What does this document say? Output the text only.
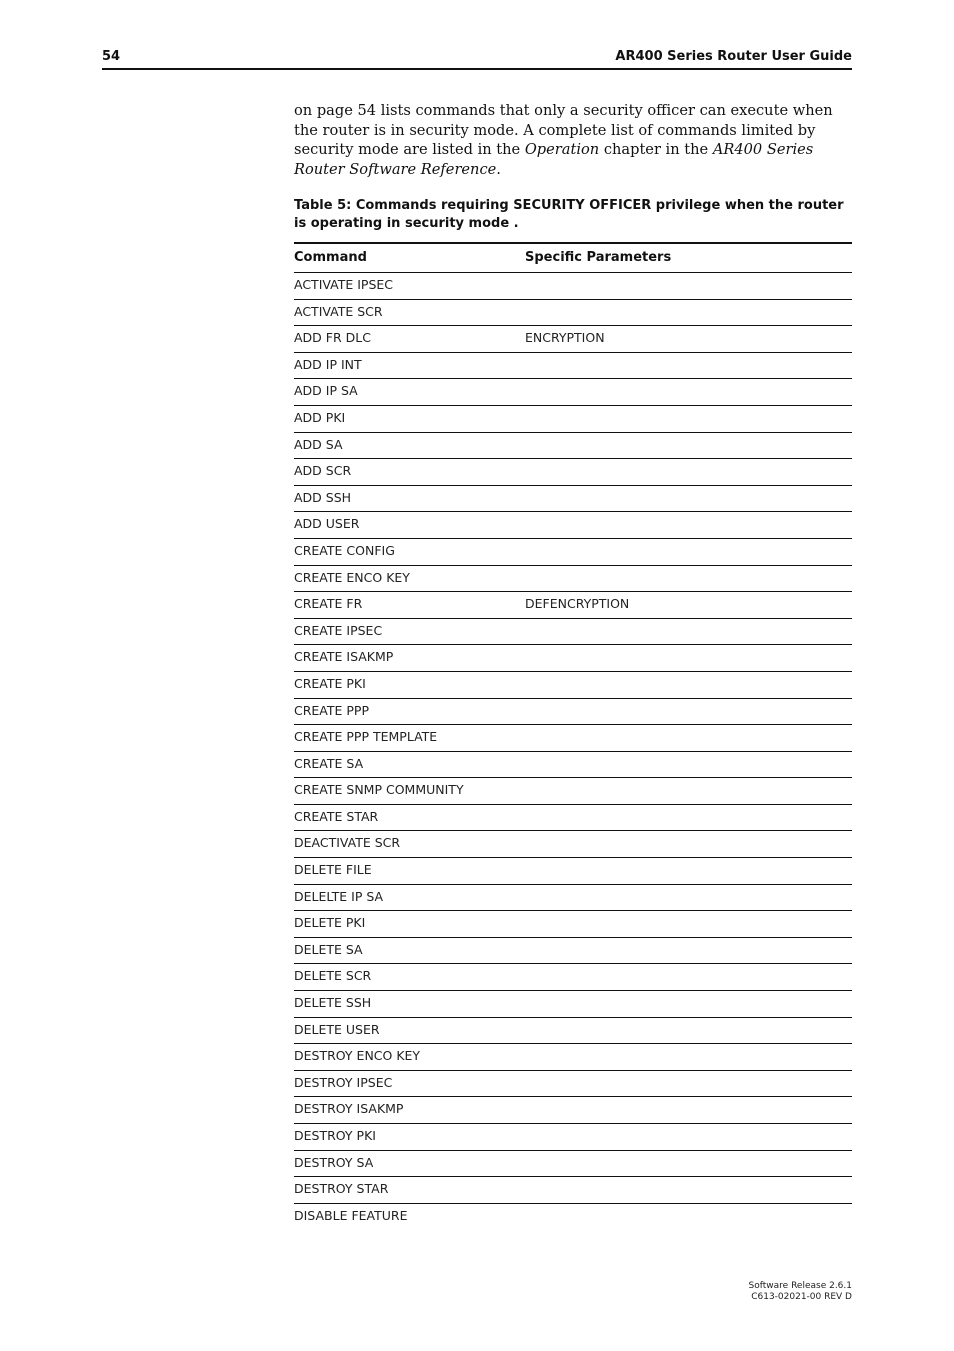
54	AR400 Series Router User Guide

on page 54 lists commands that only a security officer can execute when the router is in security mode. A complete list of commands limited by security mode are listed in the Operation chapter in the AR400 Series Router Software Reference.

Table 5: Commands requiring SECURITY OFFICER privilege when the router is operating in security mode .

Command	Specific Parameters
ACTIVATE IPSEC
ACTIVATE SCR
ADD FR DLC	ENCRYPTION
ADD IP INT
ADD IP SA
ADD PKI
ADD SA
ADD SCR
ADD SSH
ADD USER
CREATE CONFIG
CREATE ENCO KEY
CREATE FR	DEFENCRYPTION
CREATE IPSEC
CREATE ISAKMP
CREATE PKI
CREATE PPP
CREATE PPP TEMPLATE
CREATE SA
CREATE SNMP COMMUNITY
CREATE STAR
DEACTIVATE SCR
DELETE FILE
DELELTE IP SA
DELETE PKI
DELETE SA
DELETE SCR
DELETE SSH
DELETE USER
DESTROY ENCO KEY
DESTROY IPSEC
DESTROY ISAKMP
DESTROY PKI
DESTROY SA
DESTROY STAR
DISABLE FEATURE
Software Release 2.6.1
C613-02021-00 REV D
